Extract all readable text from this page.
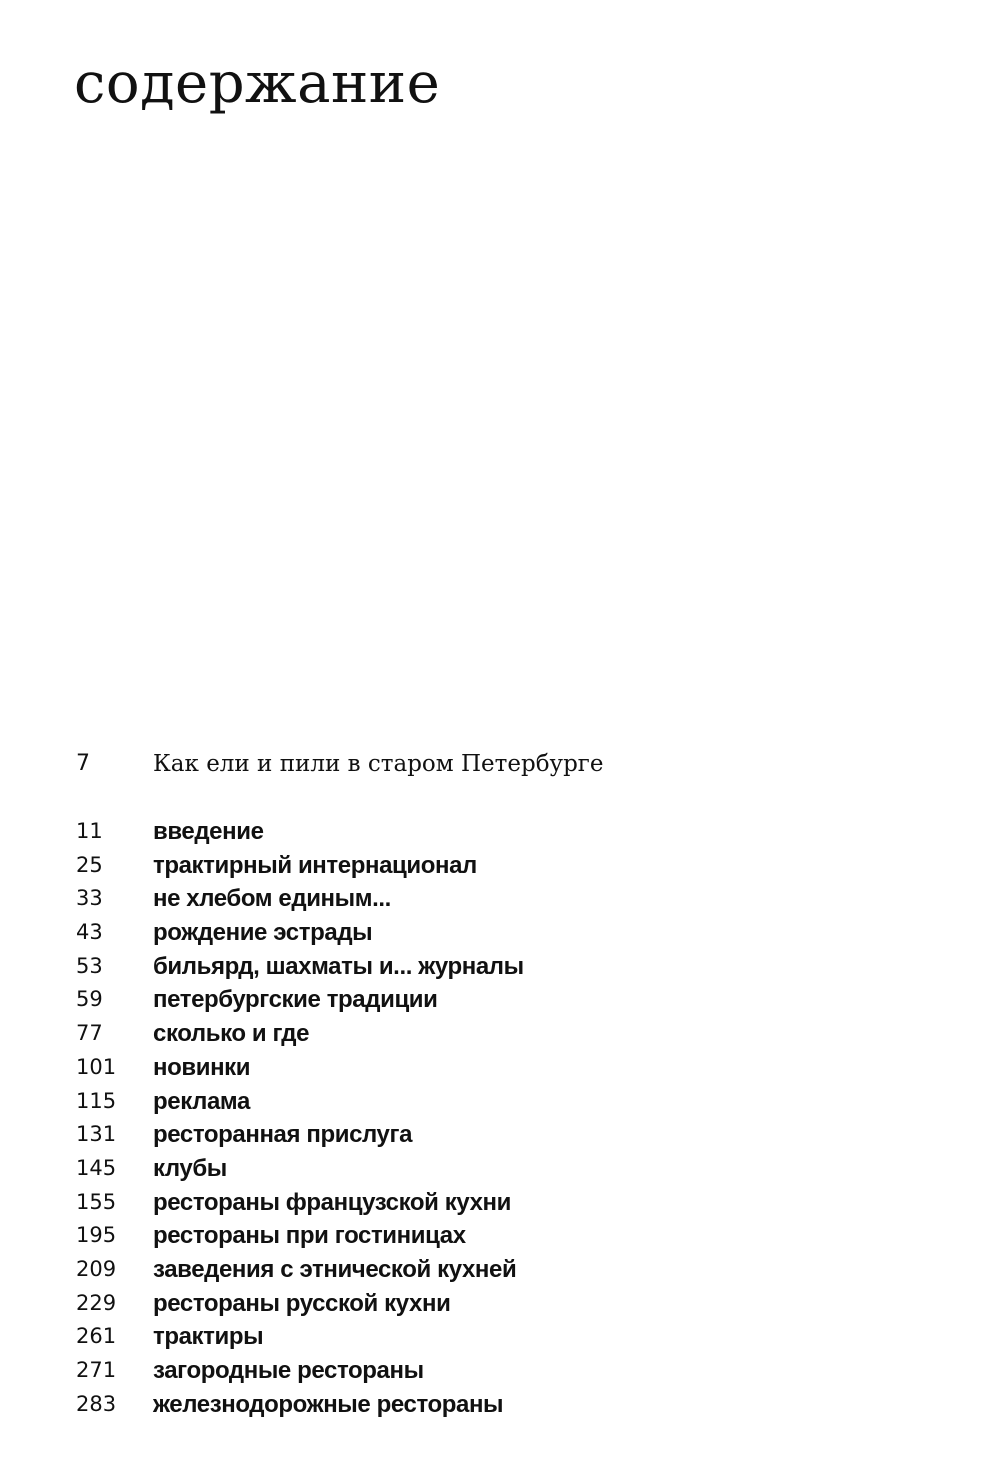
содержание
7	Как ели и пили в старом Петербурге
11 введение
25 трактирный интернационал
33 не хлебом единым...
43 рождение эстрады
53 бильярд, шахматы и... журналы
59 петербургские традиции
77 сколько и где
101 новинки
115 реклама
131 ресторанная прислуга
145 клубы
155 рестораны французской кухни
195 рестораны при гостиницах
209 заведения с этнической кухней
229 рестораны русской кухни
261 трактиры
271 загородные рестораны
283 железнодорожные рестораны
